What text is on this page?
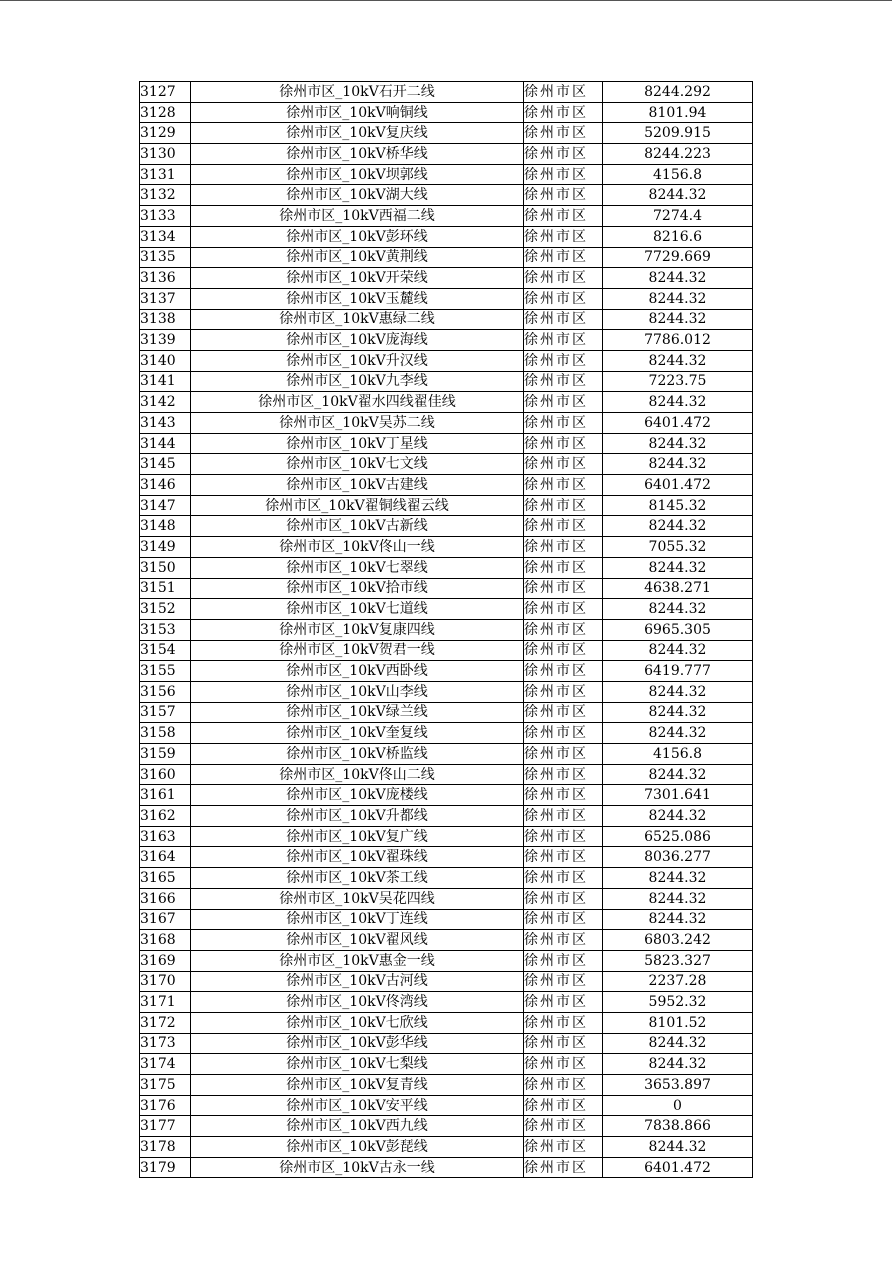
3127	徐州市区_10kV石开二线	徐州市区	8244.292
3128	徐州市区_10kV响铜线	徐州市区	8101.94
3129	徐州市区_10kV复庆线	徐州市区	5209.915
3130	徐州市区_10kV桥华线	徐州市区	8244.223
3131	徐州市区_10kV坝郭线	徐州市区	4156.8
3132	徐州市区_10kV湖大线	徐州市区	8244.32
3133	徐州市区_10kV西福二线	徐州市区	7274.4
3134	徐州市区_10kV彭环线	徐州市区	8216.6
3135	徐州市区_10kV黄荆线	徐州市区	7729.669
3136	徐州市区_10kV开荣线	徐州市区	8244.32
3137	徐州市区_10kV玉麓线	徐州市区	8244.32
3138	徐州市区_10kV惠绿二线	徐州市区	8244.32
3139	徐州市区_10kV庞海线	徐州市区	7786.012
3140	徐州市区_10kV升汉线	徐州市区	8244.32
3141	徐州市区_10kV九李线	徐州市区	7223.75
3142	徐州市区_10kV翟水四线翟佳线	徐州市区	8244.32
3143	徐州市区_10kV吴苏二线	徐州市区	6401.472
3144	徐州市区_10kV丁星线	徐州市区	8244.32
3145	徐州市区_10kV七文线	徐州市区	8244.32
3146	徐州市区_10kV古建线	徐州市区	6401.472
3147	徐州市区_10kV翟铜线翟云线	徐州市区	8145.32
3148	徐州市区_10kV古新线	徐州市区	8244.32
3149	徐州市区_10kV佟山一线	徐州市区	7055.32
3150	徐州市区_10kV七翠线	徐州市区	8244.32
3151	徐州市区_10kV拾市线	徐州市区	4638.271
3152	徐州市区_10kV七道线	徐州市区	8244.32
3153	徐州市区_10kV复康四线	徐州市区	6965.305
3154	徐州市区_10kV贺君一线	徐州市区	8244.32
3155	徐州市区_10kV西卧线	徐州市区	6419.777
3156	徐州市区_10kV山李线	徐州市区	8244.32
3157	徐州市区_10kV绿兰线	徐州市区	8244.32
3158	徐州市区_10kV奎复线	徐州市区	8244.32
3159	徐州市区_10kV桥监线	徐州市区	4156.8
3160	徐州市区_10kV佟山二线	徐州市区	8244.32
3161	徐州市区_10kV庞楼线	徐州市区	7301.641
3162	徐州市区_10kV升都线	徐州市区	8244.32
3163	徐州市区_10kV复广线	徐州市区	6525.086
3164	徐州市区_10kV翟珠线	徐州市区	8036.277
3165	徐州市区_10kV茶工线	徐州市区	8244.32
3166	徐州市区_10kV吴花四线	徐州市区	8244.32
3167	徐州市区_10kV丁连线	徐州市区	8244.32
3168	徐州市区_10kV翟风线	徐州市区	6803.242
3169	徐州市区_10kV惠金一线	徐州市区	5823.327
3170	徐州市区_10kV古河线	徐州市区	2237.28
3171	徐州市区_10kV佟湾线	徐州市区	5952.32
3172	徐州市区_10kV七欣线	徐州市区	8101.52
3173	徐州市区_10kV彭华线	徐州市区	8244.32
3174	徐州市区_10kV七梨线	徐州市区	8244.32
3175	徐州市区_10kV复青线	徐州市区	3653.897
3176	徐州市区_10kV安平线	徐州市区	0
3177	徐州市区_10kV西九线	徐州市区	7838.866
3178	徐州市区_10kV彭琵线	徐州市区	8244.32
3179	徐州市区_10kV古永一线	徐州市区	6401.472
